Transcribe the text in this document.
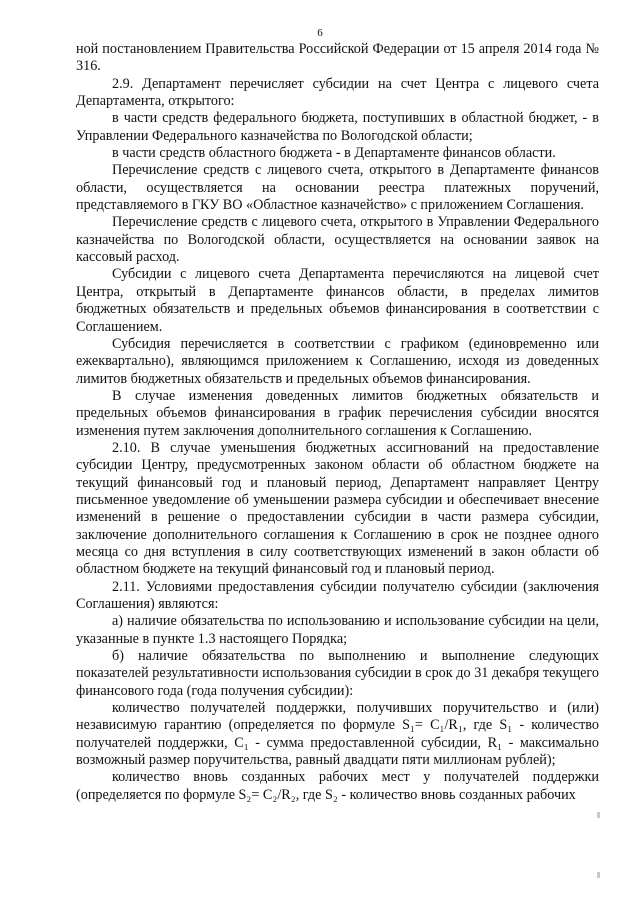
6

ной постановлением Правительства Российской Федерации от 15 апреля 2014 года № 316.

2.9. Департамент перечисляет субсидии на счет Центра с лицевого счета Департамента, открытого:

в части средств федерального бюджета, поступивших в областной бюджет, - в Управлении Федерального казначейства по Вологодской области;

в части средств областного бюджета - в Департаменте финансов области.

Перечисление средств с лицевого счета, открытого в Департаменте финансов области, осуществляется на основании реестра платежных поручений, представляемого в ГКУ ВО «Областное казначейство» с приложением Соглашения.

Перечисление средств с лицевого счета, открытого в Управлении Федерального казначейства по Вологодской области, осуществляется на основании заявок на кассовый расход.

Субсидии с лицевого счета Департамента перечисляются на лицевой счет Центра, открытый в Департаменте финансов области, в пределах лимитов бюджетных обязательств и предельных объемов финансирования в соответствии с Соглашением.

Субсидия перечисляется в соответствии с графиком (единовременно или ежеквартально), являющимся приложением к Соглашению, исходя из доведенных лимитов бюджетных обязательств и предельных объемов финансирования.

В случае изменения доведенных лимитов бюджетных обязательств и предельных объемов финансирования в график перечисления субсидии вносятся изменения путем заключения дополнительного соглашения к Соглашению.

2.10. В случае уменьшения бюджетных ассигнований на предоставление субсидии Центру, предусмотренных законом области об областном бюджете на текущий финансовый год и плановый период, Департамент направляет Центру письменное уведомление об уменьшении размера субсидии и обеспечивает внесение изменений в решение о предоставлении субсидии в части размера субсидии, заключение дополнительного соглашения к Соглашению в срок не позднее одного месяца со дня вступления в силу соответствующих изменений в закон области об областном бюджете на текущий финансовый год и плановый период.

2.11. Условиями предоставления субсидии получателю субсидии (заключения Соглашения) являются:

а) наличие обязательства по использованию и использование субсидии на цели, указанные в пункте 1.3 настоящего Порядка;

б) наличие обязательства по выполнению и выполнение следующих показателей результативности использования субсидии в срок до 31 декабря текущего финансового года (года получения субсидии):

количество получателей поддержки, получивших поручительство и (или) независимую гарантию (определяется по формуле S₁= C₁/R₁, где S₁ - количество получателей поддержки, C₁ - сумма предоставленной субсидии, R₁ - максимально возможный размер поручительства, равный двадцати пяти миллионам рублей);

количество вновь созданных рабочих мест у получателей поддержки (определяется по формуле S₂= C₂/R₂, где S₂ - количество вновь созданных рабочих
